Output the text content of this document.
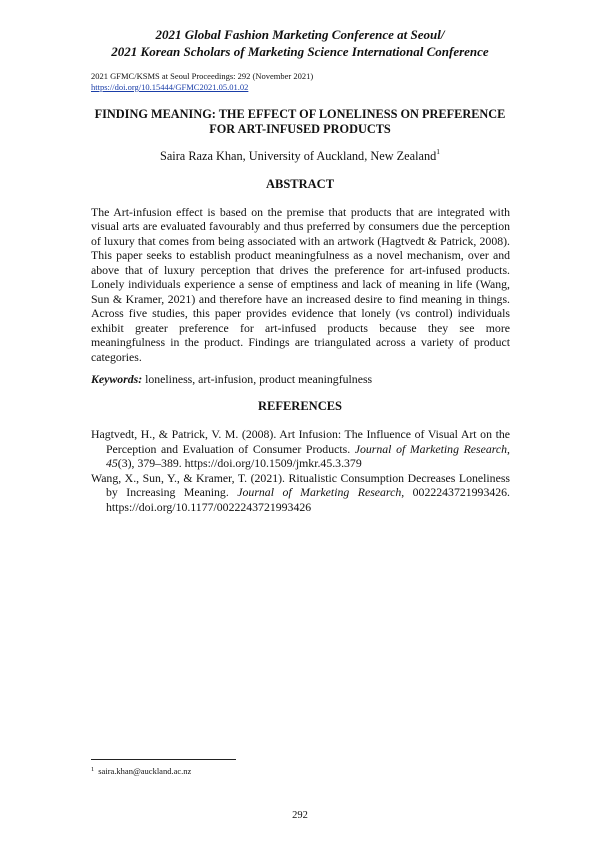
2021 Global Fashion Marketing Conference at Seoul/
2021 Korean Scholars of Marketing Science International Conference
2021 GFMC/KSMS at Seoul Proceedings: 292 (November 2021)
https://doi.org/10.15444/GFMC2021.05.01.02
FINDING MEANING: THE EFFECT OF LONELINESS ON PREFERENCE
FOR ART-INFUSED PRODUCTS
Saira Raza Khan, University of Auckland, New Zealand$^1$
ABSTRACT

The Art-infusion effect is based on the premise that products that are integrated with visual arts are evaluated favourably and thus preferred by consumers due the perception of luxury that comes from being associated with an artwork (Hagtvedt & Patrick, 2008). This paper seeks to establish product meaningfulness as a novel mechanism, over and above that of luxury perception that drives the preference for art-infused products. Lonely individuals experience a sense of emptiness and lack of meaning in life (Wang, Sun & Kramer, 2021) and therefore have an increased desire to find meaning in things. Across five studies, this paper provides evidence that lonely (vs control) individuals exhibit greater preference for art-infused products because they see more meaningfulness in the product. Findings are triangulated across a variety of product categories.

Keywords: loneliness, art-infusion, product meaningfulness
REFERENCES
Hagtvedt, H., & Patrick, V. M. (2008). Art Infusion: The Influence of Visual Art on the Perception and Evaluation of Consumer Products. Journal of Marketing Research, 45(3), 379–389. https://doi.org/10.1509/jmkr.45.3.379
Wang, X., Sun, Y., & Kramer, T. (2021). Ritualistic Consumption Decreases Loneliness by Increasing Meaning. Journal of Marketing Research, 0022243721993426. https://doi.org/10.1177/0022243721993426
$^1$ saira.khan@auckland.ac.nz
292
